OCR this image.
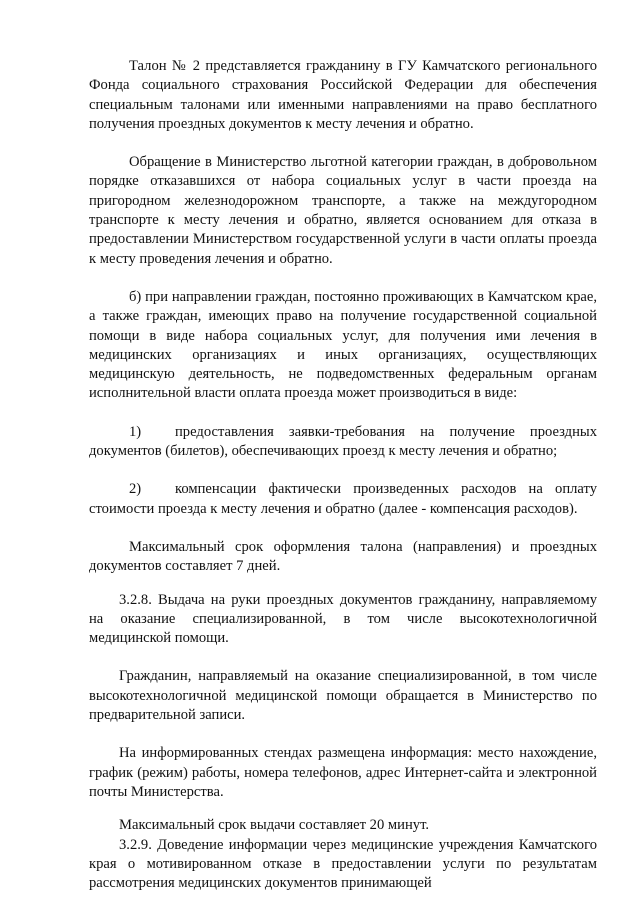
Талон № 2 представляется гражданину в ГУ Камчатского регионального Фонда социального страхования Российской Федерации для обеспечения специальным талонами или именными направлениями на право бесплатного получения проездных документов к месту лечения и обратно.

Обращение в Министерство льготной категории граждан, в добровольном порядке отказавшихся от набора социальных услуг в части проезда на пригородном железнодорожном транспорте, а также на междугородном транспорте к месту лечения и обратно, является основанием для отказа в предоставлении Министерством государственной услуги в части оплаты проезда к месту проведения лечения и обратно.

б) при направлении граждан, постоянно проживающих в Камчатском крае, а также граждан, имеющих право на получение государственной социальной помощи в виде набора социальных услуг, для получения ими лечения в медицинских организациях и иных организациях, осуществляющих медицинскую деятельность, не подведомственных федеральным органам исполнительной власти оплата проезда может производиться в виде:

1) предоставления заявки-требования на получение проездных документов (билетов), обеспечивающих проезд к месту лечения и обратно;

2) компенсации фактически произведенных расходов на оплату стоимости проезда к месту лечения и обратно (далее - компенсация расходов).

Максимальный срок оформления талона (направления) и проездных документов составляет 7 дней.

3.2.8. Выдача на руки проездных документов гражданину, направляемому на оказание специализированной, в том числе высокотехнологичной медицинской помощи.

Гражданин, направляемый на оказание специализированной, в том числе высокотехнологичной медицинской помощи обращается в Министерство по предварительной записи.

На информированных стендах размещена информация: место нахождение, график (режим) работы, номера телефонов, адрес Интернет-сайта и электронной почты Министерства.

Максимальный срок выдачи составляет 20 минут.

3.2.9. Доведение информации через медицинские учреждения Камчатского края о мотивированном отказе в предоставлении услуги по результатам рассмотрения медицинских документов принимающей
